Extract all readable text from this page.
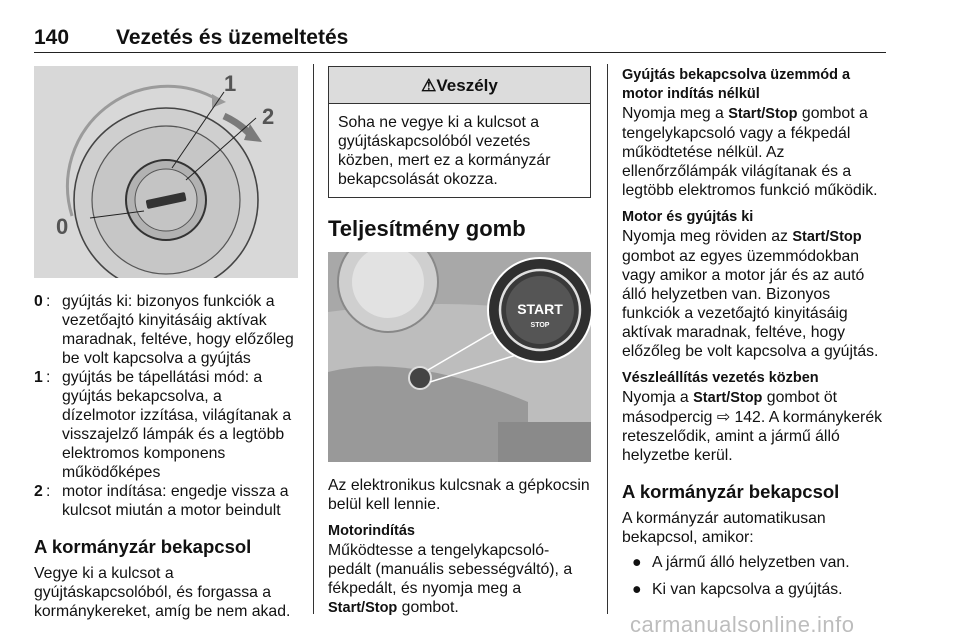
140 Vezetés és üzemeltetés
1
2
0
0 : gyújtás ki: bizonyos funkciók a vezetőajtó kinyitásáig aktívak maradnak, feltéve, hogy előzőleg be volt kapcsolva a gyújtás
1 : gyújtás be tápellátási mód: a gyújtás bekapcsolva, a dízelmotor izzítása, világítanak a visszajelző lámpák és a legtöbb elektromos komponens működőképes
2 : motor indítása: engedje vissza a kulcsot miután a motor beindult
A kormányzár bekapcsol

Vegye ki a kulcsot a gyújtáskapcsolóból, és forgassa a kormánykereket, amíg be nem akad.

⚠Veszély
Soha ne vegye ki a kulcsot a gyújtáskapcsolóból vezetés közben, mert ez a kormányzár bekapcsolását okozza.
Teljesítmény gomb
START
STOP

Az elektronikus kulcsnak a gépkocsin belül kell lennie.

Motorindítás

Működtesse a tengelykapcsoló-pedált (manuális sebességváltó), a fékpedált, és nyomja meg a Start/Stop gombot.

Gyújtás bekapcsolva üzemmód a motor indítás nélkül

Nyomja meg a Start/Stop gombot a tengelykapcsoló vagy a fékpedál működtetése nélkül. Az ellenőrzőlámpák világítanak és a legtöbb elektromos funkció működik.

Motor és gyújtás ki

Nyomja meg röviden az Start/Stop gombot az egyes üzemmódokban vagy amikor a motor jár és az autó álló helyzetben van. Bizonyos funkciók a vezetőajtó kinyitásáig aktívak maradnak, feltéve, hogy előzőleg be volt kapcsolva a gyújtás.

Vészleállítás vezetés közben

Nyomja a Start/Stop gombot öt másodpercig ⇨ 142. A kormánykerék reteszelődik, amint a jármű álló helyzetbe kerül.

A kormányzár bekapcsol

A kormányzár automatikusan bekapcsol, amikor:

● A jármű álló helyzetben van.
● Ki van kapcsolva a gyújtás.
carmanualsonline.info
